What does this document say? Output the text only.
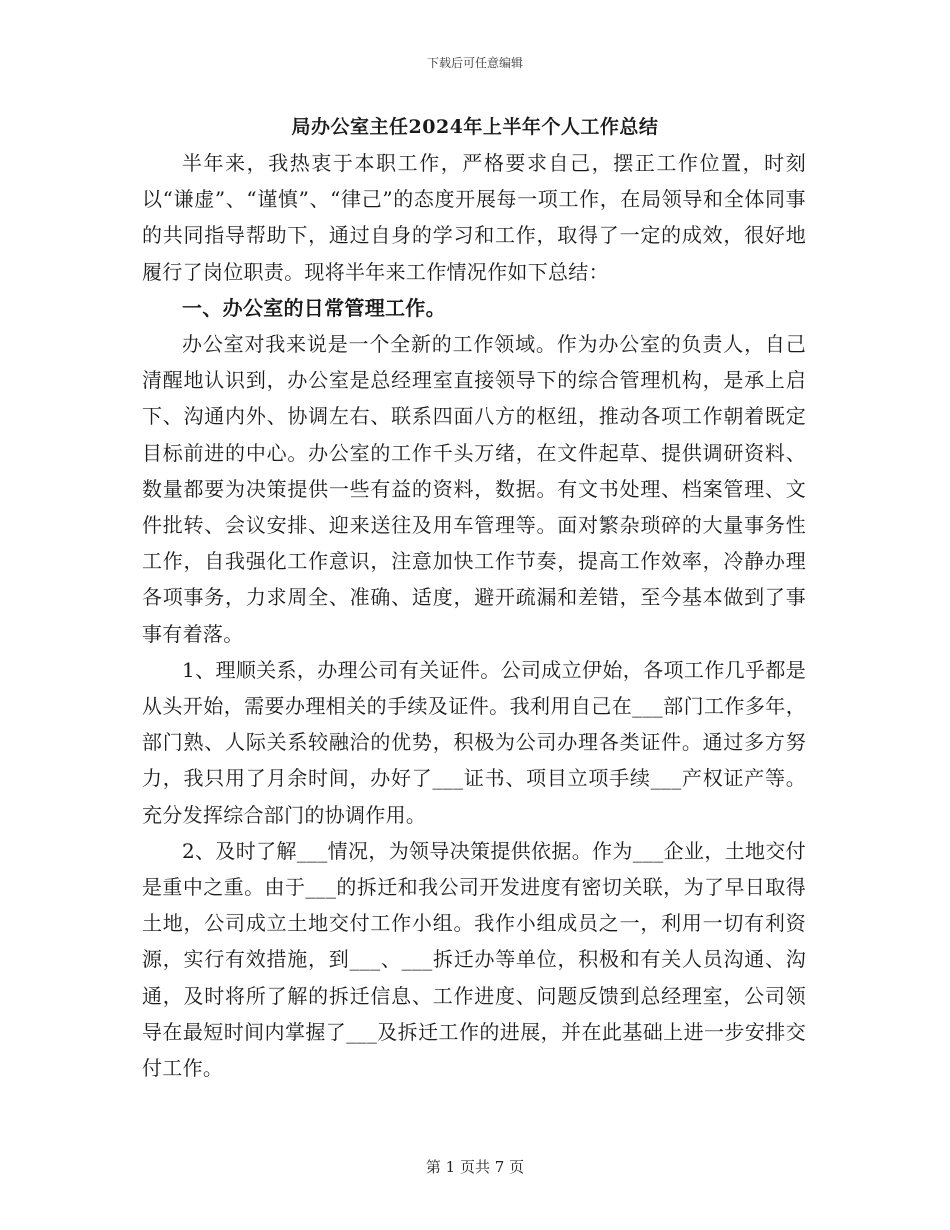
下载后可任意编辑
局办公室主任2024年上半年个人工作总结

半年来，我热衷于本职工作，严格要求自己，摆正工作位置，时刻以“谦虚”、“谨慎”、“律己”的态度开展每一项工作，在局领导和全体同事的共同指导帮助下，通过自身的学习和工作，取得了一定的成效，很好地履行了岗位职责。现将半年来工作情况作如下总结：

一、办公室的日常管理工作。

办公室对我来说是一个全新的工作领域。作为办公室的负责人，自己清醒地认识到，办公室是总经理室直接领导下的综合管理机构，是承上启下、沟通内外、协调左右、联系四面八方的枢纽，推动各项工作朝着既定目标前进的中心。办公室的工作千头万绪，在文件起草、提供调研资料、数量都要为决策提供一些有益的资料，数据。有文书处理、档案管理、文件批转、会议安排、迎来送往及用车管理等。面对繁杂琐碎的大量事务性工作，自我强化工作意识，注意加快工作节奏，提高工作效率，冷静办理各项事务，力求周全、准确、适度，避开疏漏和差错，至今基本做到了事事有着落。

1、理顺关系，办理公司有关证件。公司成立伊始，各项工作几乎都是从头开始，需要办理相关的手续及证件。我利用自己在___部门工作多年，部门熟、人际关系较融洽的优势，积极为公司办理各类证件。通过多方努力，我只用了月余时间，办好了___证书、项目立项手续___产权证产等。充分发挥综合部门的协调作用。

2、及时了解___情况，为领导决策提供依据。作为___企业，土地交付是重中之重。由于___的拆迁和我公司开发进度有密切关联，为了早日取得土地，公司成立土地交付工作小组。我作小组成员之一，利用一切有利资源，实行有效措施，到___、___拆迁办等单位，积极和有关人员沟通、沟通，及时将所了解的拆迁信息、工作进度、问题反馈到总经理室，公司领导在最短时间内掌握了___及拆迁工作的进展，并在此基础上进一步安排交付工作。

第 1 页共 7 页
